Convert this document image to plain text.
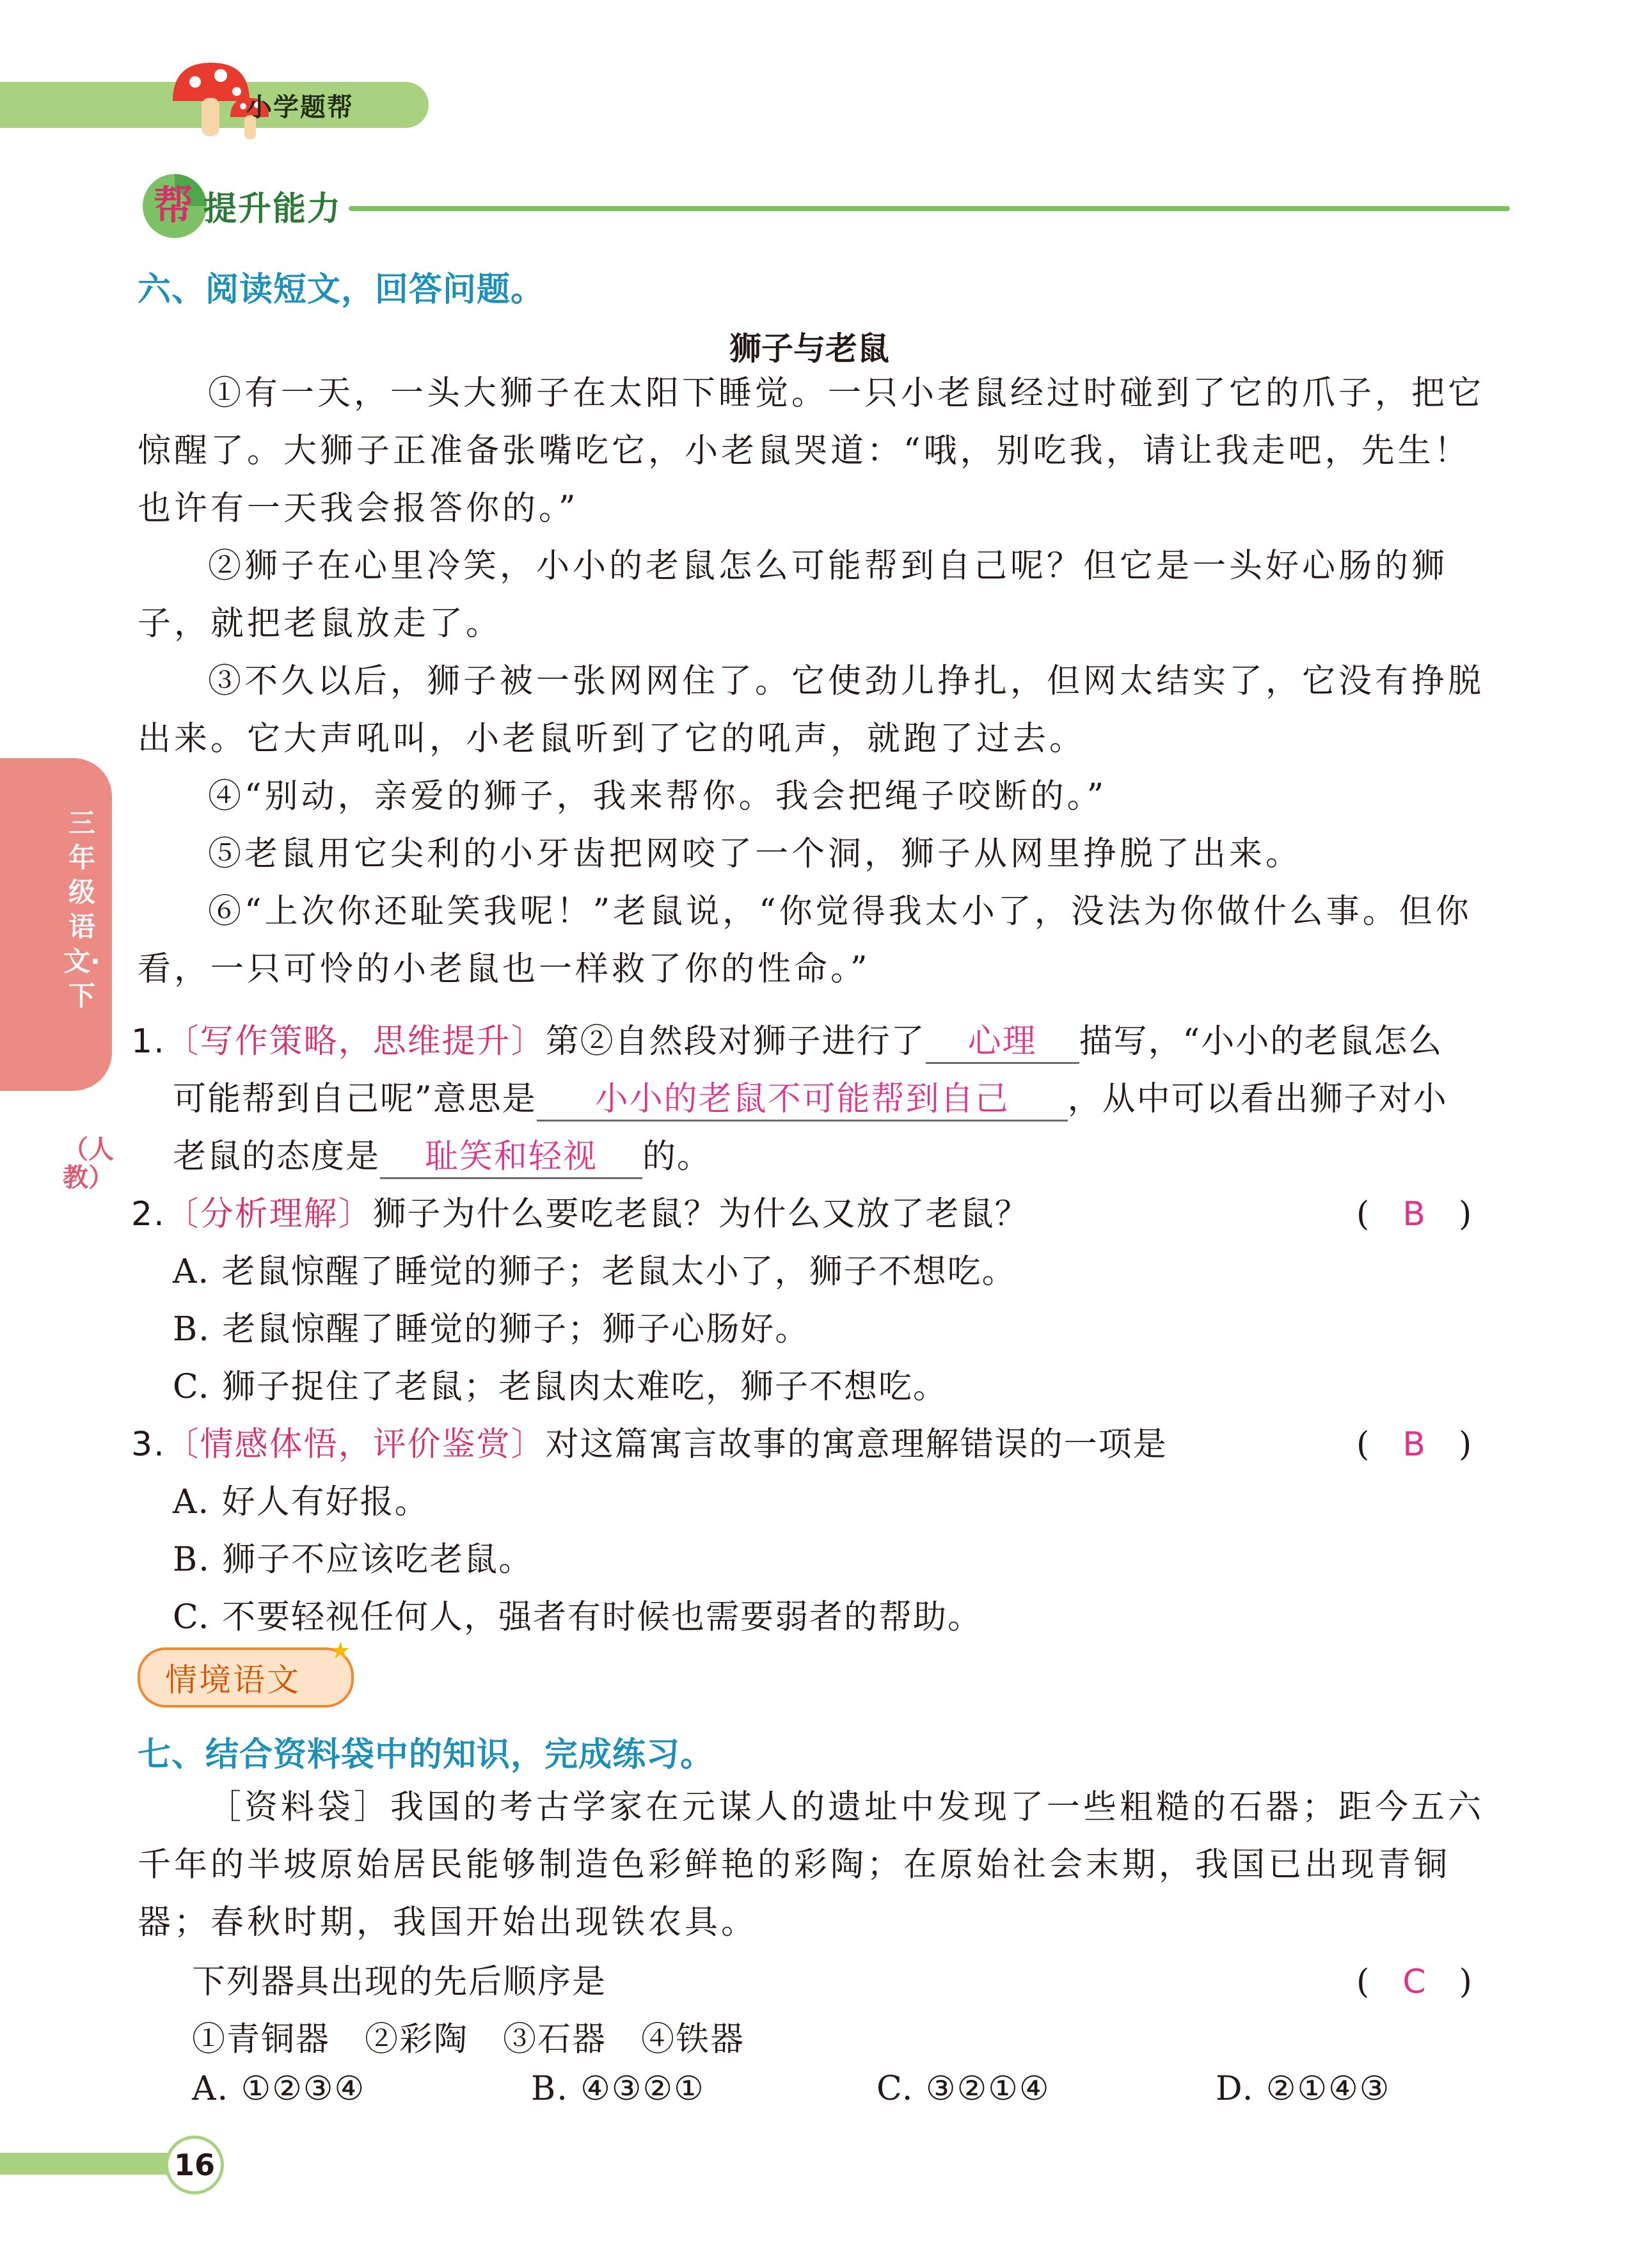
小学题帮
帮 提升能力
三年级语文·下
（人教）
六、阅读短文，回答问题。
狮子与老鼠
①有一天，一头大狮子在太阳下睡觉。一只小老鼠经过时碰到了它的爪子，把它惊醒了。大狮子正准备张嘴吃它，小老鼠哭道：“哦，别吃我，请让我走吧，先生！也许有一天我会报答你的。”
②狮子在心里冷笑，小小的老鼠怎么可能帮到自己呢？但它是一头好心肠的狮子，就把老鼠放走了。
③不久以后，狮子被一张网网住了。它使劲儿挣扎，但网太结实了，它没有挣脱出来。它大声吼叫，小老鼠听到了它的吼声，就跑了过去。
④“别动，亲爱的狮子，我来帮你。我会把绳子咬断的。”
⑤老鼠用它尖利的小牙齿把网咬了一个洞，狮子从网里挣脱了出来。
⑥“上次你还耻笑我呢！”老鼠说，“你觉得我太小了，没法为你做什么事。但你看，一只可怜的小老鼠也一样救了你的性命。”
1.〔写作策略，思维提升〕第②自然段对狮子进行了 心理 描写，“小小的老鼠怎么
可能帮到自己呢”意思是 小小的老鼠不可能帮到自己 ，从中可以看出狮子对小
老鼠的态度是 耻笑和轻视 的。
2.〔分析理解〕狮子为什么要吃老鼠？为什么又放了老鼠？	(　B　)
A. 老鼠惊醒了睡觉的狮子；老鼠太小了，狮子不想吃。
B. 老鼠惊醒了睡觉的狮子；狮子心肠好。
C. 狮子捉住了老鼠；老鼠肉太难吃，狮子不想吃。
3.〔情感体悟，评价鉴赏〕对这篇寓言故事的寓意理解错误的一项是	(　B　)
A. 好人有好报。
B. 狮子不应该吃老鼠。
C. 不要轻视任何人，强者有时候也需要弱者的帮助。
情境语文
★
七、结合资料袋中的知识，完成练习。
［资料袋］我国的考古学家在元谋人的遗址中发现了一些粗糙的石器；距今五六千年的半坡原始居民能够制造色彩鲜艳的彩陶；在原始社会末期，我国已出现青铜器；春秋时期，我国开始出现铁农具。
下列器具出现的先后顺序是	(　C　)
①青铜器　②彩陶　③石器　④铁器
A. ①②③④	B. ④③②①	C. ③②①④	D. ②①④③
16
